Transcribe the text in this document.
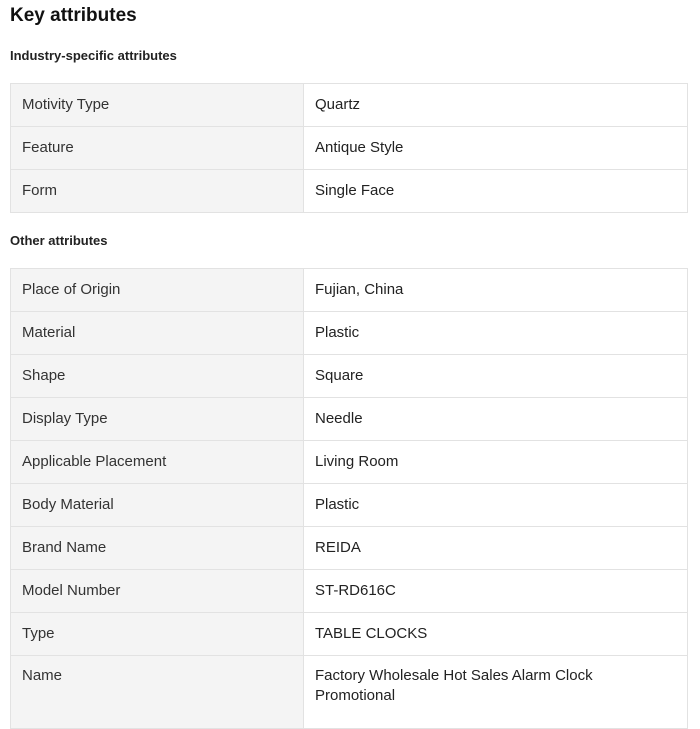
Key attributes
Industry-specific attributes
Motivity Type	Quartz
Feature	Antique Style
Form	Single Face
Other attributes
Place of Origin	Fujian, China
Material	Plastic
Shape	Square
Display Type	Needle
Applicable Placement	Living Room
Body Material	Plastic
Brand Name	REIDA
Model Number	ST-RD616C
Type	TABLE CLOCKS
Name	Factory Wholesale Hot Sales Alarm Clock Promotional
